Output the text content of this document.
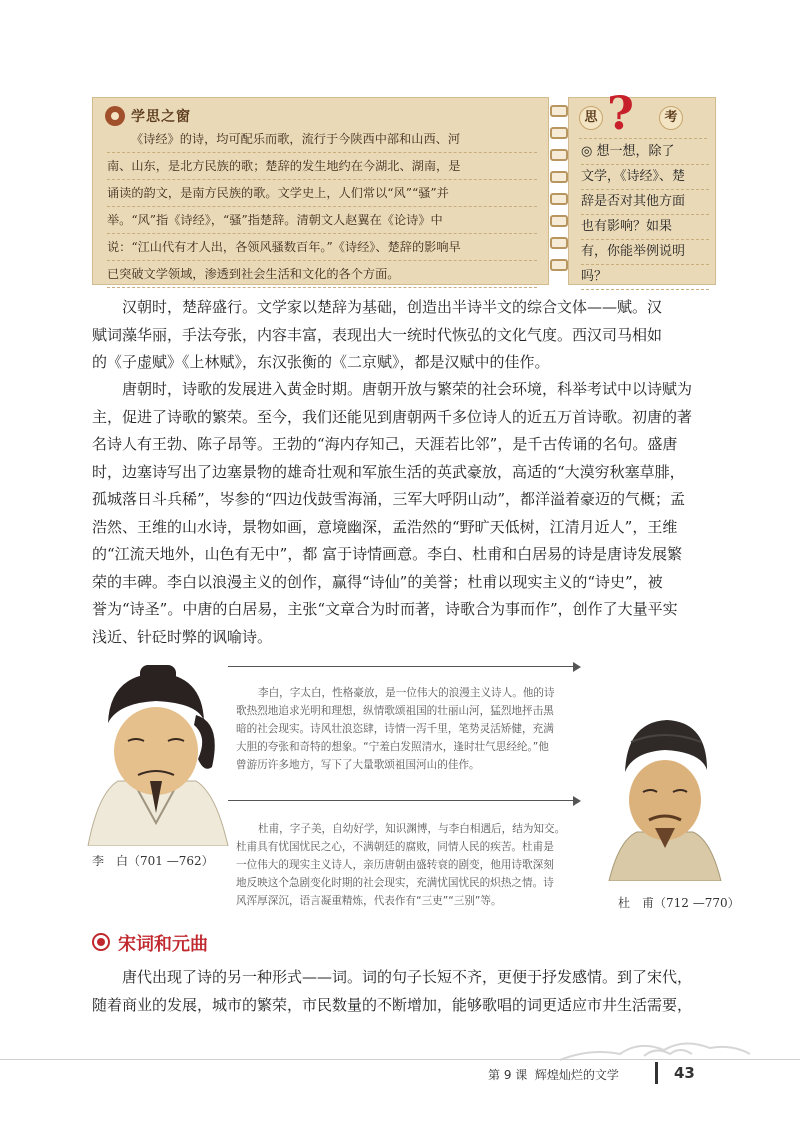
学思之窗
《诗经》的诗，均可配乐而歌，流行于今陕西中部和山西、河
南、山东，是北方民族的歌；楚辞的发生地约在今湖北、湖南，是
诵读的韵文，是南方民族的歌。文学史上，人们常以“风”“骚”并
举。“风”指《诗经》，“骚”指楚辞。清朝文人赵翼在《论诗》中
说：“江山代有才人出，各领风骚数百年。”《诗经》、楚辞的影响早
已突破文学领域，渗透到社会生活和文化的各个方面。
思 ?	考
◎ 想一想，除了
文学，《诗经》、楚
辞是否对其他方面
也有影响？如果
有，你能举例说明
吗？
汉朝时，楚辞盛行。文学家以楚辞为基础，创造出半诗半文的综合文体——赋。汉
赋词藻华丽，手法夸张，内容丰富，表现出大一统时代恢弘的文化气度。西汉司马相如
的《子虚赋》《上林赋》，东汉张衡的《二京赋》，都是汉赋中的佳作。
唐朝时，诗歌的发展进入黄金时期。唐朝开放与繁荣的社会环境，科举考试中以诗赋为
主，促进了诗歌的繁荣。至今，我们还能见到唐朝两千多位诗人的近五万首诗歌。初唐的著
名诗人有王勃、陈子昂等。王勃的“海内存知己，天涯若比邻”，是千古传诵的名句。盛唐
时，边塞诗写出了边塞景物的雄奇壮观和军旅生活的英武豪放，高适的“大漠穷秋塞草腓，
孤城落日斗兵稀”，岑参的“四边伐鼓雪海涌，三军大呼阴山动”，都洋溢着豪迈的气概；孟
浩然、王维的山水诗，景物如画，意境幽深，孟浩然的“野旷天低树，江清月近人”，王维
的“江流天地外，山色有无中”，都 富于诗情画意。李白、杜甫和白居易的诗是唐诗发展繁
荣的丰碑。李白以浪漫主义的创作，赢得“诗仙”的美誉；杜甫以现实主义的“诗史”，被
誉为“诗圣”。中唐的白居易，主张“文章合为时而著，诗歌合为事而作”，创作了大量平实
浅近、针砭时弊的讽喻诗。
李　白（701 —762）
李白，字太白，性格豪放，是一位伟大的浪漫主义诗人。他的诗
歌热烈地追求光明和理想，纵情歌颂祖国的壮丽山河，猛烈地抨击黑
暗的社会现实。诗风壮浪恣肆，诗情一泻千里，笔势灵活矫健，充满
大胆的夸张和奇特的想象。“宁羞白发照清水，逢时壮气思经纶。”他
曾游历许多地方，写下了大量歌颂祖国河山的佳作。
杜甫，字子美，自幼好学，知识渊博，与李白相遇后，结为知交。
杜甫具有忧国忧民之心，不满朝廷的腐败，同情人民的疾苦。杜甫是
一位伟大的现实主义诗人，亲历唐朝由盛转衰的剧变，他用诗歌深刻
地反映这个急剧变化时期的社会现实，充满忧国忧民的炽热之情。诗
风浑厚深沉，语言凝重精炼，代表作有“三吏”“三别”等。	杜　甫（712 —770）
宋词和元曲
唐代出现了诗的另一种形式——词。词的句子长短不齐，更便于抒发感情。到了宋代，
随着商业的发展，城市的繁荣，市民数量的不断增加，能够歌唱的词更适应市井生活需要，
第 9 课 辉煌灿烂的文学	43
